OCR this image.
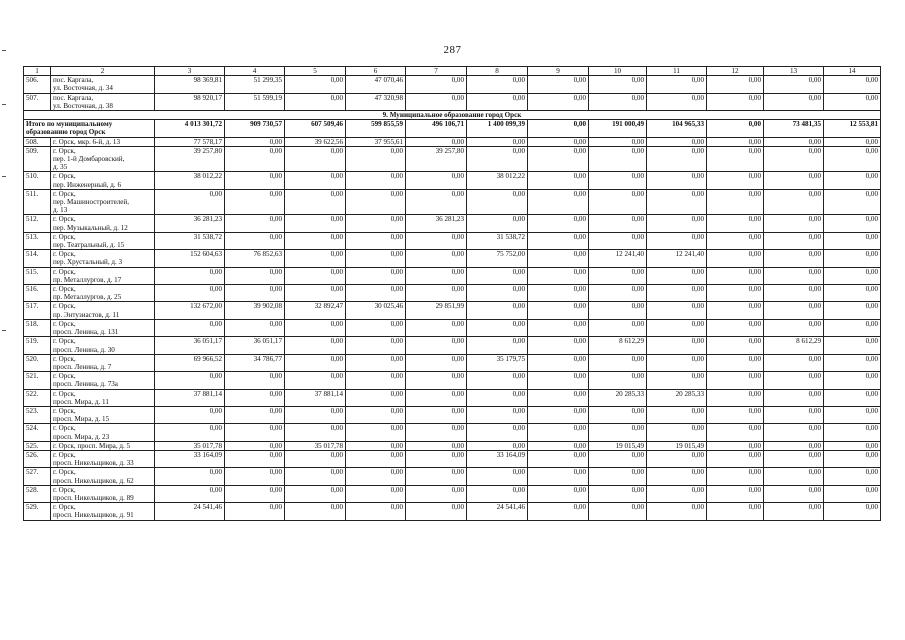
287
1	2	3	4	5	6	7	8	9	10	11	12	13	14
506.	пос. Каргала,
ул. Восточная, д. 34	98 369,81	51 299,35	0,00	47 070,46	0,00	0,00	0,00	0,00	0,00	0,00	0,00	0,00
507.	пос. Каргала,
ул. Восточная, д. 38	98 920,17	51 599,19	0,00	47 320,98	0,00	0,00	0,00	0,00	0,00	0,00	0,00	0,00
9. Муниципальное образование город Орск													
Итого по муниципальному
образованию город Орск		4 013 301,72	909 730,57	607 509,46	599 855,59	496 106,71	1 400 099,39	0,00	191 000,49	104 965,33	0,00	73 481,35	12 553,81
508.	г. Орск, мкр. 6-й, д. 13	77 578,17	0,00	39 622,56	37 955,61	0,00	0,00	0,00	0,00	0,00	0,00	0,00	0,00
509.	г. Орск,
пер. 1-й Домбаровский,
д. 35	39 257,80	0,00	0,00	0,00	39 257,80	0,00	0,00	0,00	0,00	0,00	0,00	0,00
510.	г. Орск,
пер. Инженерный, д. 6	38 012,22	0,00	0,00	0,00	0,00	38 012,22	0,00	0,00	0,00	0,00	0,00	0,00
511.	г. Орск,
пер. Машиностроителей,
д. 13	0,00	0,00	0,00	0,00	0,00	0,00	0,00	0,00	0,00	0,00	0,00	0,00
512.	г. Орск,
пер. Музыкальный, д. 12	36 281,23	0,00	0,00	0,00	36 281,23	0,00	0,00	0,00	0,00	0,00	0,00	0,00
513.	г. Орск,
пер. Театральный, д. 15	31 538,72	0,00	0,00	0,00	0,00	31 538,72	0,00	0,00	0,00	0,00	0,00	0,00
514.	г. Орск,
пер. Хрустальный, д. 3	152 604,63	76 852,63	0,00	0,00	0,00	75 752,00	0,00	12 241,40	12 241,40	0,00	0,00	0,00
515.	г. Орск,
пр. Металлургов, д. 17	0,00	0,00	0,00	0,00	0,00	0,00	0,00	0,00	0,00	0,00	0,00	0,00
516.	г. Орск,
пр. Металлургов, д. 25	0,00	0,00	0,00	0,00	0,00	0,00	0,00	0,00	0,00	0,00	0,00	0,00
517.	г. Орск,
пр. Энтузиастов, д. 11	132 672,00	39 902,08	32 892,47	30 025,46	29 851,99	0,00	0,00	0,00	0,00	0,00	0,00	0,00
518.	г. Орск,
просп. Ленина, д. 131	0,00	0,00	0,00	0,00	0,00	0,00	0,00	0,00	0,00	0,00	0,00	0,00
519.	г. Орск,
просп. Ленина, д. 30	36 051,17	36 051,17	0,00	0,00	0,00	0,00	0,00	8 612,29	0,00	0,00	8 612,29	0,00
520.	г. Орск,
просп. Ленина, д. 7	69 966,52	34 786,77	0,00	0,00	0,00	35 179,75	0,00	0,00	0,00	0,00	0,00	0,00
521.	г. Орск,
просп. Ленина, д. 73а	0,00	0,00	0,00	0,00	0,00	0,00	0,00	0,00	0,00	0,00	0,00	0,00
522.	г. Орск,
просп. Мира, д. 11	37 881,14	0,00	37 881,14	0,00	0,00	0,00	0,00	20 285,33	20 285,33	0,00	0,00	0,00
523.	г. Орск,
просп. Мира, д. 15	0,00	0,00	0,00	0,00	0,00	0,00	0,00	0,00	0,00	0,00	0,00	0,00
524.	г. Орск,
просп. Мира, д. 23	0,00	0,00	0,00	0,00	0,00	0,00	0,00	0,00	0,00	0,00	0,00	0,00
525.	г. Орск, просп. Мира, д. 5	35 017,78	0,00	35 017,78	0,00	0,00	0,00	0,00	19 015,49	19 015,49	0,00	0,00	0,00
526.	г. Орск,
просп. Никельщиков, д. 33	33 164,09	0,00	0,00	0,00	0,00	33 164,09	0,00	0,00	0,00	0,00	0,00	0,00
527.	г. Орск,
просп. Никельщиков, д. 62	0,00	0,00	0,00	0,00	0,00	0,00	0,00	0,00	0,00	0,00	0,00	0,00
528.	г. Орск,
просп. Никельщиков, д. 89	0,00	0,00	0,00	0,00	0,00	0,00	0,00	0,00	0,00	0,00	0,00	0,00
529.	г. Орск,
просп. Никельщиков, д. 91	24 541,46	0,00	0,00	0,00	0,00	24 541,46	0,00	0,00	0,00	0,00	0,00	0,00
